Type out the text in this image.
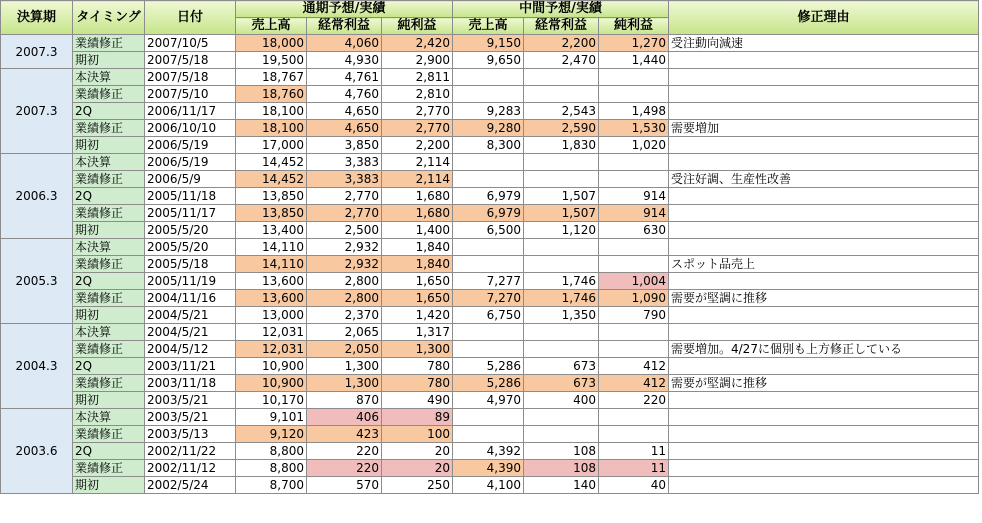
決算期	タイミング	日付	通期予想/実績			中間予想/実績			修正理由
			売上高	経常利益	純利益	売上高	経常利益	純利益	
2007.3	業績修正	2007/10/5	18,000	4,060	2,420	9,150	2,200	1,270	受注動向減速
	期初	2007/5/18	19,500	4,930	2,900	9,650	2,470	1,440	
2007.3	本決算	2007/5/18	18,767	4,761	2,811				
	業績修正	2007/5/10	18,760	4,760	2,810				
	2Q	2006/11/17	18,100	4,650	2,770	9,283	2,543	1,498	
	業績修正	2006/10/10	18,100	4,650	2,770	9,280	2,590	1,530	需要増加
	期初	2006/5/19	17,000	3,850	2,200	8,300	1,830	1,020	
2006.3	本決算	2006/5/19	14,452	3,383	2,114				
	業績修正	2006/5/9	14,452	3,383	2,114				受注好調、生産性改善
	2Q	2005/11/18	13,850	2,770	1,680	6,979	1,507	914	
	業績修正	2005/11/17	13,850	2,770	1,680	6,979	1,507	914	
	期初	2005/5/20	13,400	2,500	1,400	6,500	1,120	630	
2005.3	本決算	2005/5/20	14,110	2,932	1,840				
	業績修正	2005/5/18	14,110	2,932	1,840				スポット品売上
	2Q	2005/11/19	13,600	2,800	1,650	7,277	1,746	1,004	
	業績修正	2004/11/16	13,600	2,800	1,650	7,270	1,746	1,090	需要が堅調に推移
	期初	2004/5/21	13,000	2,370	1,420	6,750	1,350	790	
2004.3	本決算	2004/5/21	12,031	2,065	1,317				
	業績修正	2004/5/12	12,031	2,050	1,300				需要増加。4/27に個別も上方修正している
	2Q	2003/11/21	10,900	1,300	780	5,286	673	412	
	業績修正	2003/11/18	10,900	1,300	780	5,286	673	412	需要が堅調に推移
	期初	2003/5/21	10,170	870	490	4,970	400	220	
2003.6	本決算	2003/5/21	9,101	406	89				
	業績修正	2003/5/13	9,120	423	100				
	2Q	2002/11/22	8,800	220	20	4,392	108	11	
	業績修正	2002/11/12	8,800	220	20	4,390	108	11	
	期初	2002/5/24	8,700	570	250	4,100	140	40	
